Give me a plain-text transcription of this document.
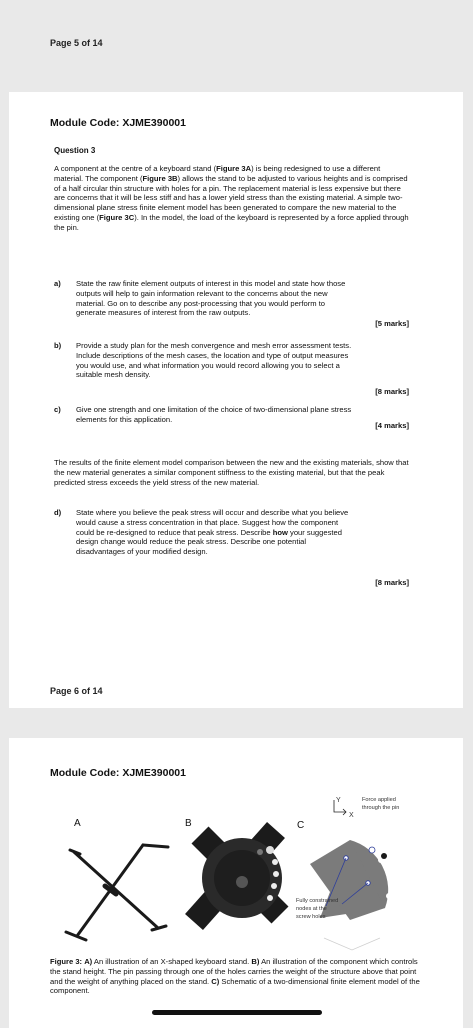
Page 5 of 14
Module Code: XJME390001
Question 3

A component at the centre of a keyboard stand (Figure 3A) is being redesigned to use a different material. The component (Figure 3B) allows the stand to be adjusted to various heights and is comprised of a half circular thin structure with holes for a pin. The replacement material is less expensive but there are concerns that it will be less stiff and has a lower yield stress than the existing material. A simple two-dimensional plane stress finite element model has been generated to compare the new material to the existing one (Figure 3C). In the model, the load of the keyboard is represented by a force applied through the pin.

a) State the raw finite element outputs of interest in this model and state how those outputs will help to gain information relevant to the concerns about the new material. Go on to describe any post-processing that you would perform to generate measures of interest from the raw outputs.
[5 marks]
b) Provide a study plan for the mesh convergence and mesh error assessment tests. Include descriptions of the mesh cases, the location and type of output measures you would use, and what information you would record allowing you to select a suitable mesh density.
[8 marks]
c) Give one strength and one limitation of the choice of two-dimensional plane stress elements for this application.
[4 marks]

The results of the finite element model comparison between the new and the existing materials, show that the new material generates a similar component stiffness to the existing material, but that the peak predicted stress exceeds the yield stress of the new material.

d) State where you believe the peak stress will occur and describe what you believe would cause a stress concentration in that place. Suggest how the component could be re-designed to reduce that peak stress. Describe how your suggested design change would reduce the peak stress. Describe one potential disadvantages of your modified design.
[8 marks]
Page 6 of 14
Module Code: XJME390001
A	B	C
Y
X
Force applied
through the pin
Fully constrained
nodes at the
screw holes

Figure 3: A) An illustration of an X-shaped keyboard stand. B) An illustration of the component which controls the stand height. The pin passing through one of the holes carries the weight of the structure above that point and the weight of anything placed on the stand. C) Schematic of a two-dimensional finite element model of the component.
